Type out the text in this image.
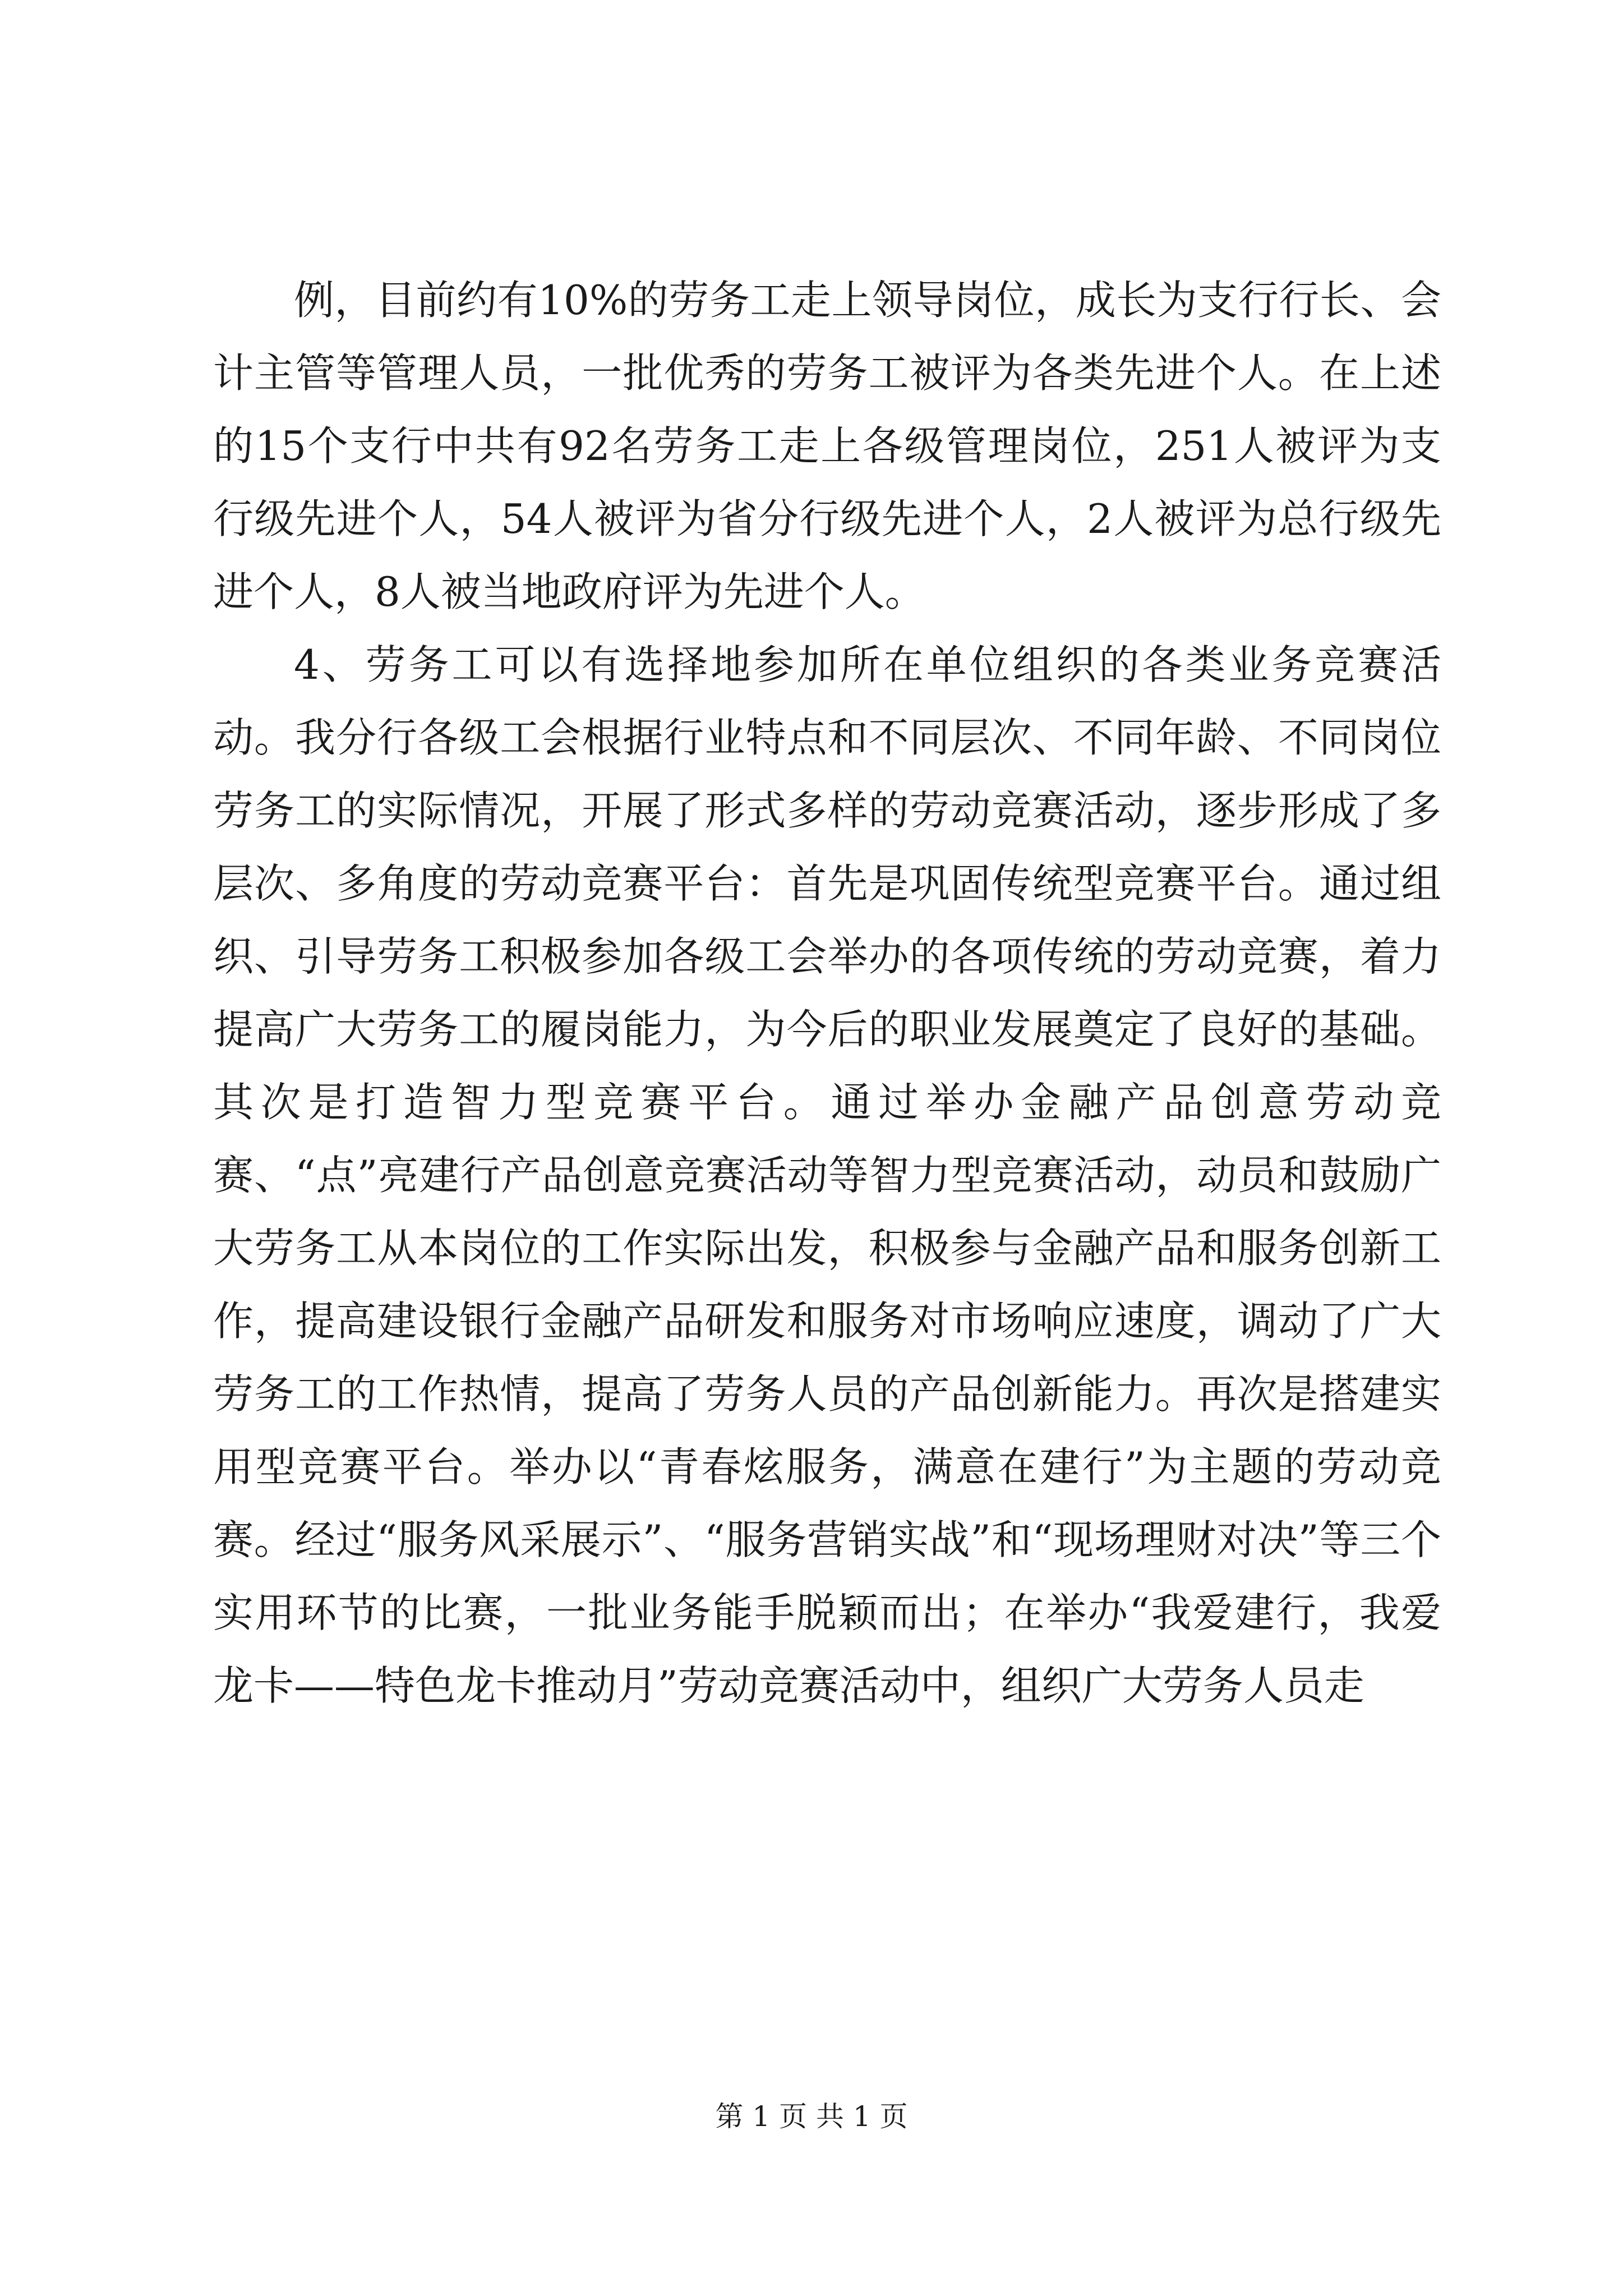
例，目前约有10%的劳务工走上领导岗位，成长为支行行长、会计主管等管理人员，一批优秀的劳务工被评为各类先进个人。在上述的15个支行中共有92名劳务工走上各级管理岗位，251人被评为支行级先进个人，54人被评为省分行级先进个人，2人被评为总行级先进个人，8人被当地政府评为先进个人。

4、劳务工可以有选择地参加所在单位组织的各类业务竞赛活动。我分行各级工会根据行业特点和不同层次、不同年龄、不同岗位劳务工的实际情况，开展了形式多样的劳动竞赛活动，逐步形成了多层次、多角度的劳动竞赛平台：首先是巩固传统型竞赛平台。通过组织、引导劳务工积极参加各级工会举办的各项传统的劳动竞赛，着力提高广大劳务工的履岗能力，为今后的职业发展奠定了良好的基础。其次是打造智力型竞赛平台。通过举办金融产品创意劳动竞赛、“点”亮建行产品创意竞赛活动等智力型竞赛活动，动员和鼓励广大劳务工从本岗位的工作实际出发，积极参与金融产品和服务创新工作，提高建设银行金融产品研发和服务对市场响应速度，调动了广大劳务工的工作热情，提高了劳务人员的产品创新能力。再次是搭建实用型竞赛平台。举办以“青春炫服务，满意在建行”为主题的劳动竞赛。经过“服务风采展示”、“服务营销实战”和“现场理财对决”等三个实用环节的比赛，一批业务能手脱颖而出；在举办“我爱建行，我爱龙卡——特色龙卡推动月”劳动竞赛活动中，组织广大劳务人员走

第 1 页 共 1 页
